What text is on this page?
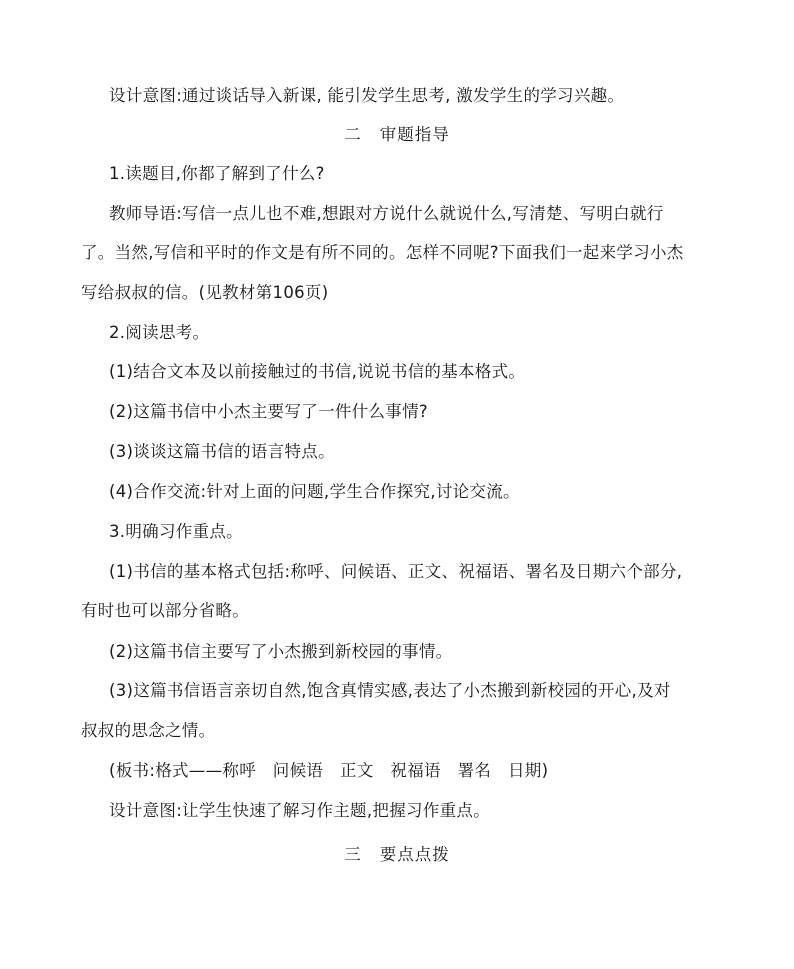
设计意图:通过谈话导入新课, 能引发学生思考, 激发学生的学习兴趣。
二 审题指导
1.读题目,你都了解到了什么?
教师导语:写信一点儿也不难,想跟对方说什么就说什么,写清楚、写明白就行
了。当然,写信和平时的作文是有所不同的。怎样不同呢?下面我们一起来学习小杰
写给叔叔的信。(见教材第106页)
2.阅读思考。
(1)结合文本及以前接触过的书信,说说书信的基本格式。
(2)这篇书信中小杰主要写了一件什么事情?
(3)谈谈这篇书信的语言特点。
(4)合作交流:针对上面的问题,学生合作探究,讨论交流。
3.明确习作重点。
(1)书信的基本格式包括:称呼、问候语、正文、祝福语、署名及日期六个部分,
有时也可以部分省略。
(2)这篇书信主要写了小杰搬到新校园的事情。
(3)这篇书信语言亲切自然,饱含真情实感,表达了小杰搬到新校园的开心,及对
叔叔的思念之情。
(板书:格式——称呼　问候语　正文　祝福语　署名　日期)
设计意图:让学生快速了解习作主题,把握习作重点。
三 要点点拨
